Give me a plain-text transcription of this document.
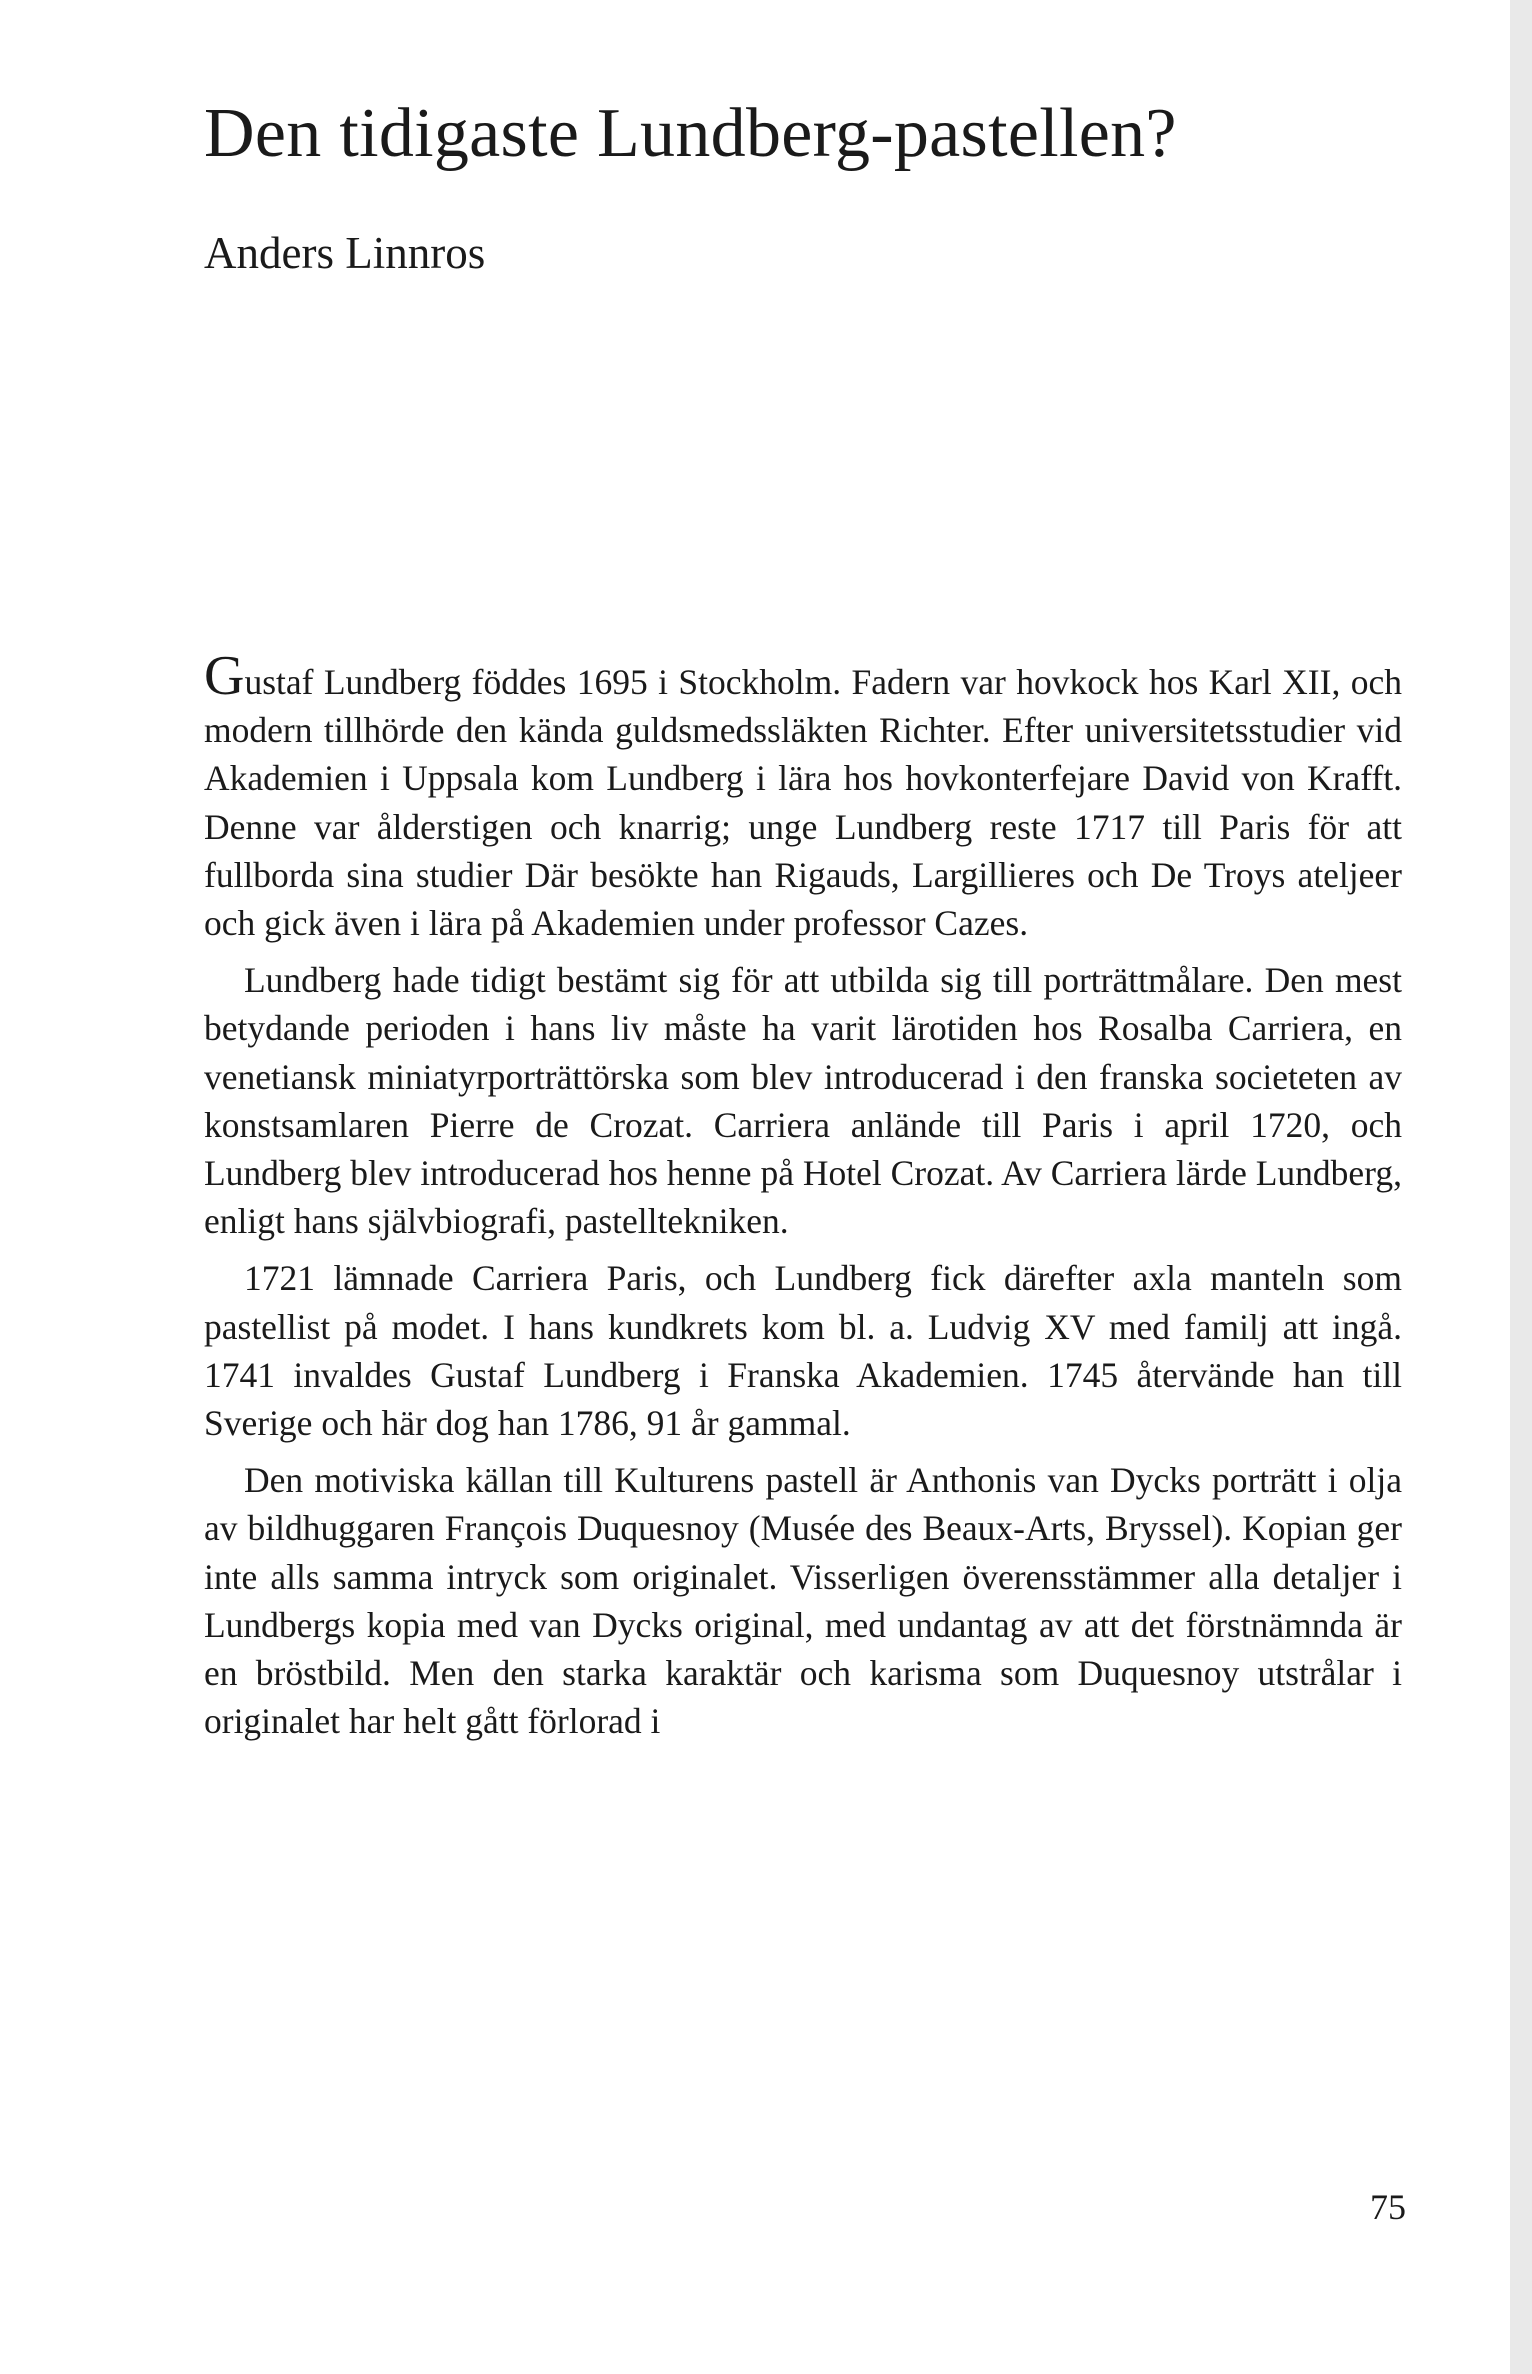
Den tidigaste Lundberg-pastellen?
Anders Linnros

Gustaf Lundberg föddes 1695 i Stockholm. Fadern var hovkock hos Karl XII, och modern tillhörde den kända guldsmedssläkten Richter. Efter universitetsstudier vid Akademien i Uppsala kom Lundberg i lära hos hovkonterfejare David von Krafft. Denne var ålderstigen och knarrig; unge Lundberg reste 1717 till Paris för att fullborda sina studier Där besökte han Rigauds, Largillieres och De Troys ateljeer och gick även i lära på Akademien under professor Cazes.

Lundberg hade tidigt bestämt sig för att utbilda sig till porträttmålare. Den mest betydande perioden i hans liv måste ha varit lärotiden hos Rosalba Carriera, en venetiansk miniatyrporträttörska som blev introducerad i den franska societeten av konstsamlaren Pierre de Crozat. Carriera anlände till Paris i april 1720, och Lundberg blev introducerad hos henne på Hotel Crozat. Av Carriera lärde Lundberg, enligt hans självbiografi, pastelltekniken.

1721 lämnade Carriera Paris, och Lundberg fick därefter axla manteln som pastellist på modet. I hans kundkrets kom bl. a. Ludvig XV med familj att ingå. 1741 invaldes Gustaf Lundberg i Franska Akademien. 1745 återvände han till Sverige och här dog han 1786, 91 år gammal.

Den motiviska källan till Kulturens pastell är Anthonis van Dycks porträtt i olja av bildhuggaren François Duquesnoy (Musée des Beaux-Arts, Bryssel). Kopian ger inte alls samma intryck som originalet. Visserligen överensstämmer alla detaljer i Lundbergs kopia med van Dycks original, med undantag av att det förstnämnda är en bröstbild. Men den starka karaktär och karisma som Duquesnoy utstrålar i originalet har helt gått förlorad i

75
